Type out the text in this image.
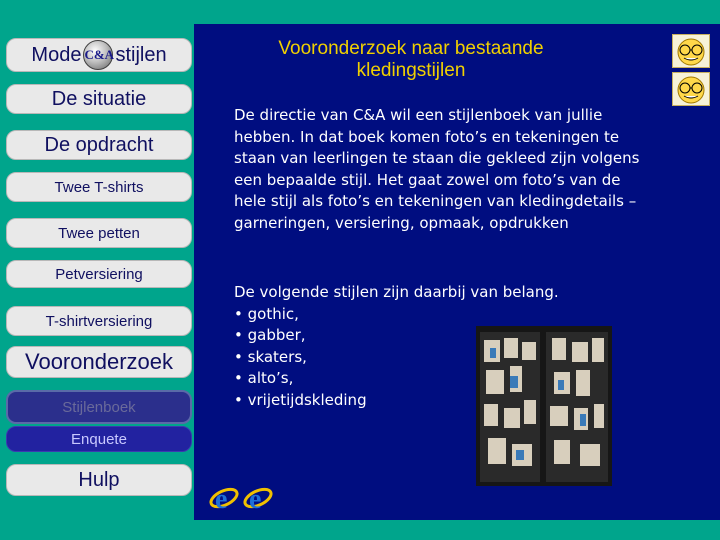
Mode C&A stijlen
De situatie
De opdracht
Twee T-shirts
Twee petten
Petversiering
T-shirtversiering
Vooronderzoek
Stijlenboek
Enquete
Hulp
Vooronderzoek naar bestaande kledingstijlen
De directie van C&A wil een stijlenboek van jullie hebben. In dat boek komen foto’s en tekeningen te staan van leerlingen te staan die gekleed zijn volgens een bepaalde stijl. Het gaat zowel om foto’s van de hele stijl als foto’s en tekeningen van kledingdetails – garneringen, versiering, opmaak, opdrukken
De volgende stijlen zijn daarbij van belang.
• gothic,
• gabber,
• skaters,
• alto’s,
• vrijetijdskleding
e e
